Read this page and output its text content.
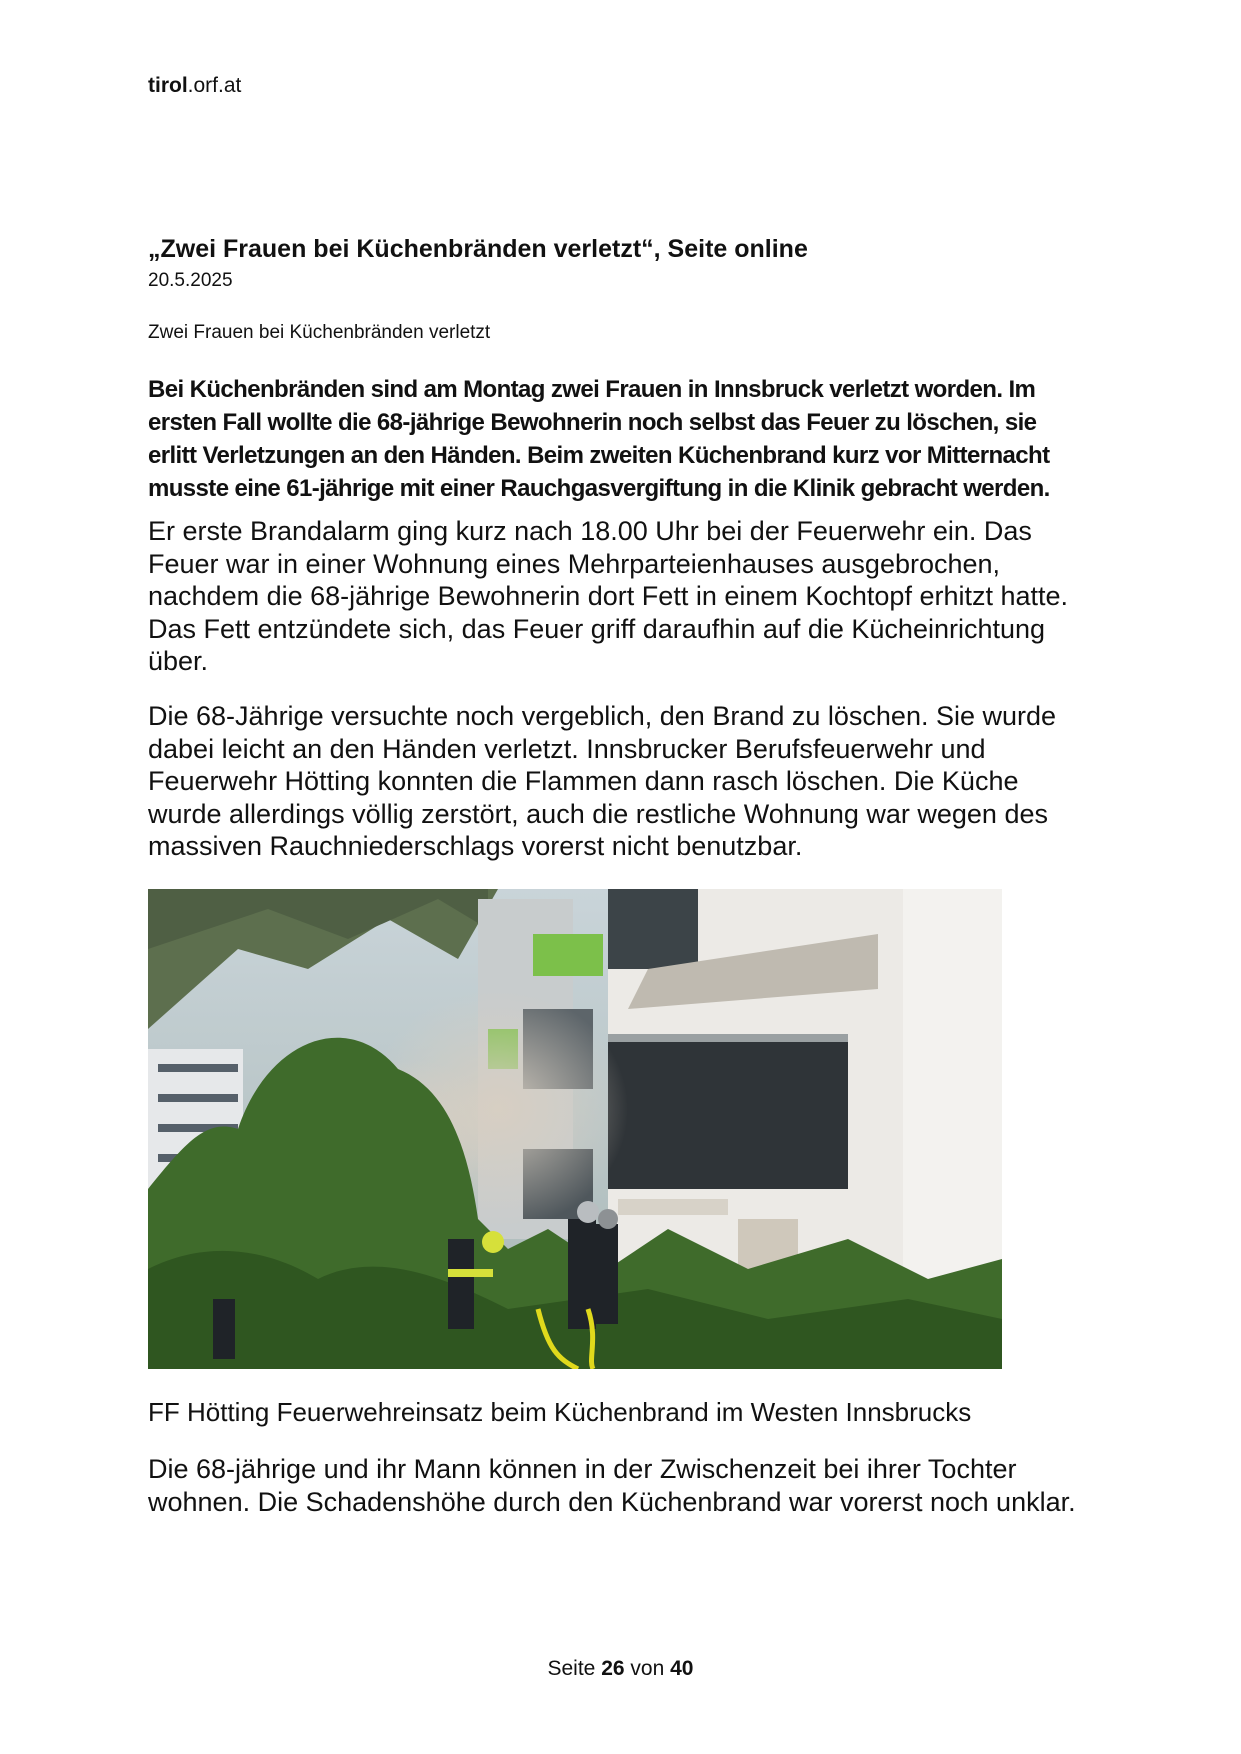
tirol.orf.at
„Zwei Frauen bei Küchenbränden verletzt“, Seite online
20.5.2025
Zwei Frauen bei Küchenbränden verletzt
Bei Küchenbränden sind am Montag zwei Frauen in Innsbruck verletzt worden. Im ersten Fall wollte die 68-jährige Bewohnerin noch selbst das Feuer zu löschen, sie erlitt Verletzungen an den Händen. Beim zweiten Küchenbrand kurz vor Mitternacht musste eine 61-jährige mit einer Rauchgasvergiftung in die Klinik gebracht werden.
Er erste Brandalarm ging kurz nach 18.00 Uhr bei der Feuerwehr ein. Das Feuer war in einer Wohnung eines Mehrparteienhauses ausgebrochen, nachdem die 68-jährige Bewohnerin dort Fett in einem Kochtopf erhitzt hatte. Das Fett entzündete sich, das Feuer griff daraufhin auf die Kücheinrichtung über.
Die 68-Jährige versuchte noch vergeblich, den Brand zu löschen. Sie wurde dabei leicht an den Händen verletzt. Innsbrucker Berufsfeuerwehr und Feuerwehr Hötting konnten die Flammen dann rasch löschen. Die Küche wurde allerdings völlig zerstört, auch die restliche Wohnung war wegen des massiven Rauchniederschlags vorerst nicht benutzbar.
FF Hötting Feuerwehreinsatz beim Küchenbrand im Westen Innsbrucks
Die 68-jährige und ihr Mann können in der Zwischenzeit bei ihrer Tochter wohnen. Die Schadenshöhe durch den Küchenbrand war vorerst noch unklar.
Seite 26 von 40
